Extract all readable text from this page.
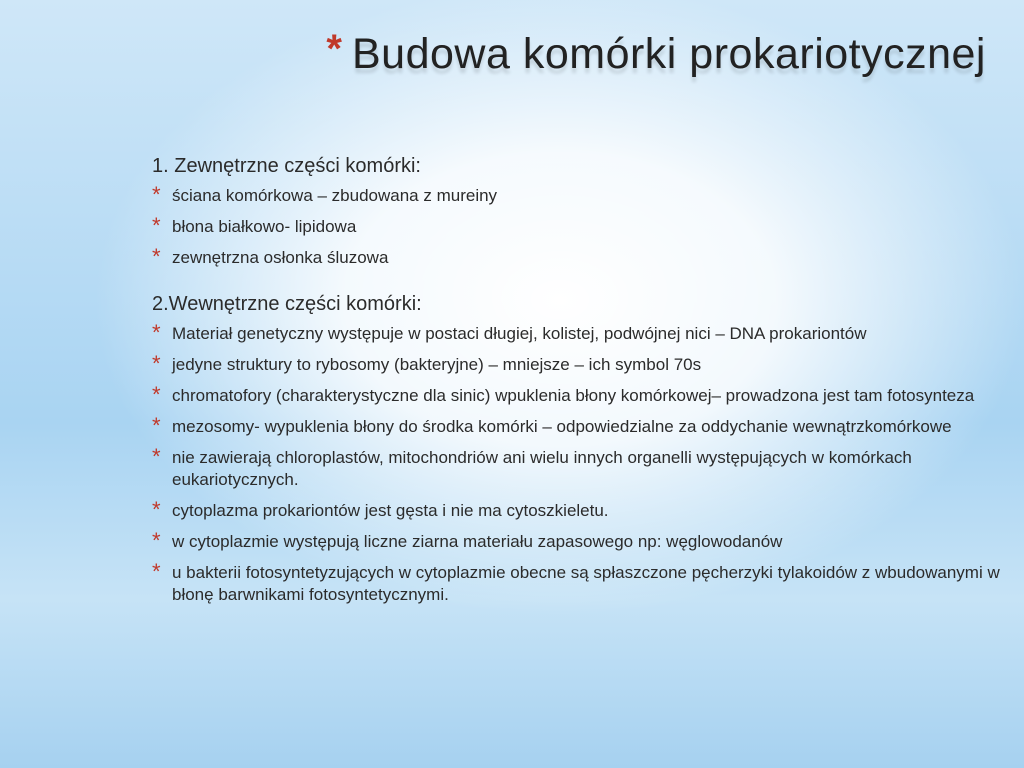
* Budowa komórki prokariotycznej
1. Zewnętrzne części komórki:
* ściana komórkowa – zbudowana z mureiny
* błona białkowo- lipidowa
* zewnętrzna osłonka śluzowa
2.Wewnętrzne części komórki:
* Materiał genetyczny występuje w postaci długiej, kolistej, podwójnej nici – DNA prokariontów
* jedyne struktury to rybosomy (bakteryjne) – mniejsze – ich symbol 70s
* chromatofory (charakterystyczne dla sinic) wpuklenia błony komórkowej– prowadzona jest tam fotosynteza
* mezosomy- wypuklenia błony do środka komórki – odpowiedzialne za oddychanie wewnątrzkomórkowe
* nie zawierają chloroplastów, mitochondriów ani wielu innych organelli występujących w komórkach eukariotycznych.
* cytoplazma prokariontów jest gęsta i nie ma cytoszkieletu.
* w cytoplazmie występują liczne ziarna materiału zapasowego np: węglowodanów
* u bakterii fotosyntetyzujących w cytoplazmie obecne są spłaszczone pęcherzyki tylakoidów z wbudowanymi w błonę barwnikami fotosyntetycznymi.
